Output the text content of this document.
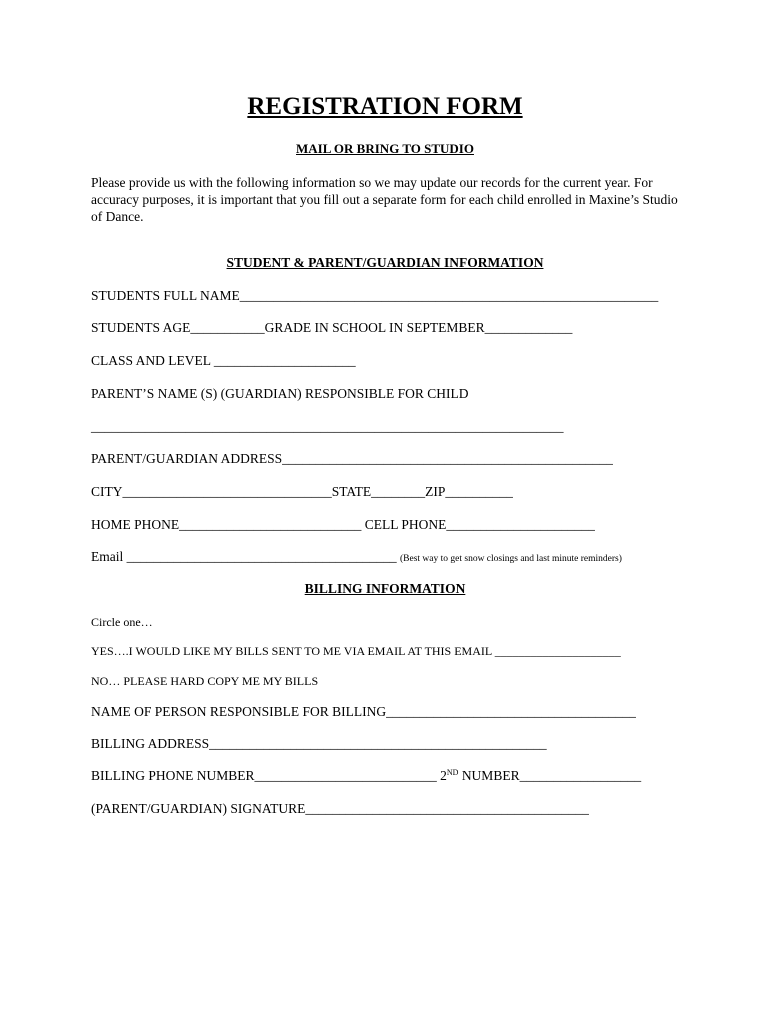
REGISTRATION FORM
MAIL OR BRING TO STUDIO
Please provide us with the following information so we may update our records for the current year. For accuracy purposes, it is important that you fill out a separate form for each child enrolled in Maxine’s Studio of Dance.
STUDENT & PARENT/GUARDIAN INFORMATION
STUDENTS FULL NAME______________________________________________________________
STUDENTS AGE___________GRADE IN SCHOOL IN SEPTEMBER_____________
CLASS AND LEVEL _____________________
PARENT’S NAME (S) (GUARDIAN) RESPONSIBLE FOR CHILD
______________________________________________________________________
PARENT/GUARDIAN ADDRESS_________________________________________________
CITY_______________________________STATE________ZIP__________
HOME PHONE___________________________ CELL PHONE______________________
Email ________________________________________ (Best way to get snow closings and last minute reminders)
BILLING INFORMATION
Circle one…
YES….I WOULD LIKE MY BILLS SENT TO ME VIA EMAIL AT THIS EMAIL _____________________
NO… PLEASE HARD COPY ME MY BILLS
NAME OF PERSON RESPONSIBLE FOR BILLING_____________________________________
BILLING ADDRESS__________________________________________________
BILLING PHONE NUMBER___________________________ 2ND NUMBER__________________
(PARENT/GUARDIAN) SIGNATURE__________________________________________
